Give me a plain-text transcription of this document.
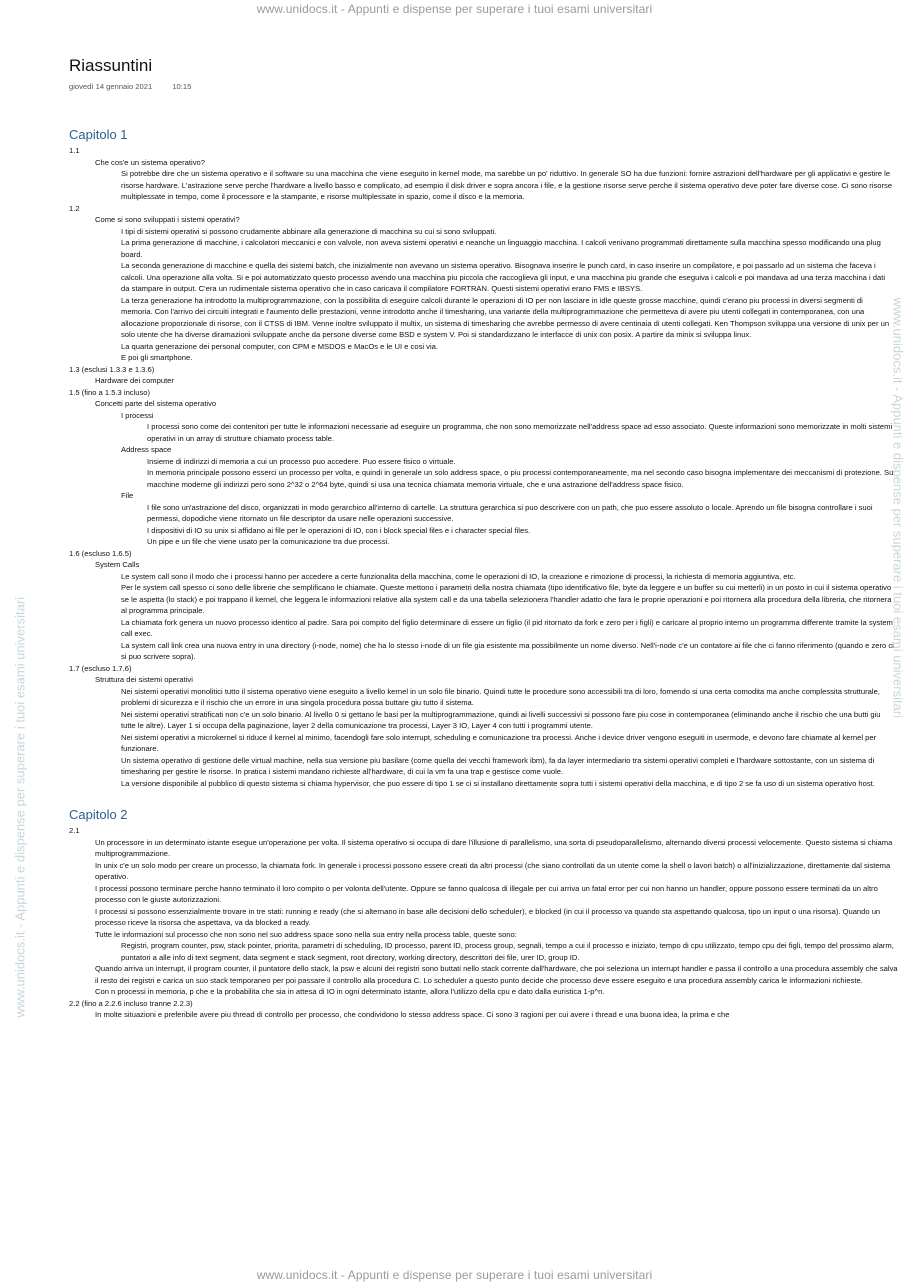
www.unidocs.it - Appunti e dispense per superare i tuoi esami universitari
www.unidocs.it - Appunti e dispense per superare i tuoi esami universitari
www.unidocs.it - Appunti e dispense per superare i tuoi esami universitari
Riassuntini
giovedì 14 gennaio 2021	10:15
Capitolo 1
1.1
Che cos'e un sistema operativo?
Si potrebbe dire che un sistema operativo e il software su una macchina che viene eseguito in kernel mode, ma sarebbe un po' riduttivo. In generale SO ha due funzioni: fornire astrazioni dell'hardware per gli applicativi e gestire le risorse hardware. L'astrazione serve perche l'hardware a livello basso e complicato, ad esempio il disk driver e sopra ancora i file, e la gestione risorse serve perche il sistema operativo deve poter fare diverse cose. Ci sono risorse multiplessate in tempo, come il processore e la stampante, e risorse multiplessate in spazio, come il disco e la memoria.
1.2
Come si sono sviluppati i sistemi operativi?
I tipi di sistemi operativi si possono crudamente abbinare alla generazione di macchina su cui si sono sviluppati.
La prima generazione di macchine, i calcolatori meccanici e con valvole, non aveva sistemi operativi e neanche un linguaggio macchina. I calcoli venivano programmati direttamente sulla macchina spesso modificando una plug board.
La seconda generazione di macchine e quella dei sistemi batch, che inizialmente non avevano un sistema operativo. Bisognava inserire le punch card, in caso inserire un compilatore, e poi passarlo ad un sistema che faceva i calcoli. Una operazione alla volta. Si e poi automatizzato questo processo avendo una macchina piu piccola che raccoglieva gli input, e una macchina piu grande che eseguiva i calcoli e poi mandava ad una terza macchina i dati da stampare in output. C'era un rudimentale sistema operativo che in caso caricava il compilatore FORTRAN. Questi sistemi operativi erano FMS e IBSYS.
La terza generazione ha introdotto la multiprogrammazione, con la possibilita di eseguire calcoli durante le operazioni di IO per non lasciare in idle queste grosse macchine, quindi c'erano piu processi in diversi segmenti di memoria. Con l'arrivo dei circuiti integrati e l'aumento delle prestazioni, venne introdotto anche il timesharing, una variante della multiprogrammazione che permetteva di avere piu utenti collegati in contemporanea, con una allocazione proporzionale di risorse, con il CTSS di IBM. Venne inoltre sviluppato il multix, un sistema di timesharing che avrebbe permesso di avere centinaia di utenti collegati. Ken Thompson sviluppa una versione di unix per un solo utente che ha diverse diramazioni sviluppate anche da persone diverse come BSD e system V. Poi si standardizzano le interfacce di unix con posix. A partire da minix si sviluppa linux.
La quarta generazione dei personal computer, con CPM e MSDOS e MacOs e le UI e cosi via.
E poi gli smartphone.
1.3 (esclusi 1.3.3 e 1.3.6)
Hardware dei computer
1.5 (fino a 1.5.3 incluso)
Concetti parte del sistema operativo
I processi
I processi sono come dei contenitori per tutte le informazioni necessarie ad eseguire un programma, che non sono memorizzate nell'address space ad esso associato. Queste informazioni sono memorizzate in molti sistemi operativi in un array di strutture chiamato process table.
Address space
Insieme di indirizzi di memoria a cui un processo puo accedere. Puo essere fisico o virtuale.
In memoria principale possono esserci un processo per volta, e quindi in generale un solo address space, o piu processi contemporaneamente, ma nel secondo caso bisogna implementare dei meccanismi di protezione. Su macchine moderne gli indirizzi pero sono 2^32 o 2^64 byte, quindi si usa una tecnica chiamata memoria virtuale, che e una astrazione dell'address space fisico.
File
I file sono un'astrazione del disco, organizzati in modo gerarchico all'interno di cartelle. La struttura gerarchica si puo descrivere con un path, che puo essere assoluto o locale. Aprendo un file bisogna controllare i suoi permessi, dopodiche viene ritornato un file descriptor da usare nelle operazioni successive.
I dispositivi di IO su unix si affidano ai file per le operazioni di IO, con i block special files e i character special files.
Un pipe e un file che viene usato per la comunicazione tra due processi.
1.6 (escluso 1.6.5)
System Calls
Le system call sono il modo che i processi hanno per accedere a certe funzionalita della macchina, come le operazioni di IO, la creazione e rimozione di processi, la richiesta di memoria aggiuntiva, etc.
Per le system call spesso ci sono delle librerie che semplificano le chiamate. Queste mettono i parametri della nostra chiamata (tipo identificativo file, byte da leggere e un buffer su cui metterli) in un posto in cui il sistema operativo se le aspetta (lo stack) e poi trappano il kernel, che leggera le informazioni relative alla system call e da una tabella selezionera l'handler adatto che fara le proprie operazioni e poi ritornera alla procedura della libreria, che ritornera al programma principale.
La chiamata fork genera un nuovo processo identico al padre. Sara poi compito del figlio determinare di essere un figlio (il pid ritornato da fork e zero per i figli) e caricare al proprio interno un programma differente tramite la system call exec.
La system call link crea una nuova entry in una directory (i-node, nome) che ha lo stesso i-node di un file gia esistente ma possibilmente un nome diverso. Nell'i-node c'e un contatore ai file che ci fanno riferimento (quando e zero ci si puo scrivere sopra).
1.7 (escluso 1.7.6)
Struttura dei sistemi operativi
Nei sistemi operativi monolitici tutto il sistema operativo viene eseguito a livello kernel in un solo file binario. Quindi tutte le procedure sono accessibili tra di loro, fornendo si una certa comodita ma anche complessita strutturale, problemi di sicurezza e il rischio che un errore in una singola procedura possa buttare giu tutto il sistema.
Nei sistemi operativi stratificati non c'e un solo binario. Al livello 0 si gettano le basi per la multiprogrammazione, quindi ai livelli successivi si possono fare piu cose in contemporanea (eliminando anche il rischio che una butti giu tutte le altre). Layer 1 si occupa della paginazione, layer 2 della comunicazione tra processi, Layer 3 IO, Layer 4 con tutti i programmi utente.
Nei sistemi operativi a microkernel si riduce il kernel al minimo, facendogli fare solo interrupt, scheduling e comunicazione tra processi. Anche i device driver vengono eseguiti in usermode, e devono fare chiamate al kernel per funzionare.
Un sistema operativo di gestione delle virtual machine, nella sua versione piu basilare (come quella dei vecchi framework ibm), fa da layer intermediario tra sistemi operativi completi e l'hardware sottostante, con un sistema di timesharing per gestire le risorse. In pratica i sistemi mandano richieste all'hardware, di cui la vm fa una trap e gestisce come vuole.
La versione disponibile al pubblico di questo sistema si chiama hypervisor, che puo essere di tipo 1 se ci si installano direttamente sopra tutti i sistemi operativi della macchina, e di tipo 2 se fa uso di un sistema operativo host.
Capitolo 2
2.1
Un processore in un determinato istante esegue un'operazione per volta. Il sistema operativo si occupa di dare l'illusione di parallelismo, una sorta di pseudoparallelismo, alternando diversi processi velocemente. Questo sistema si chiama multiprogrammazione.
In unix c'e un solo modo per creare un processo, la chiamata fork. In generale i processi possono essere creati da altri processi (che siano controllati da un utente come la shell o lavori batch) o all'inizializzazione, direttamente dal sistema operativo.
I processi possono terminare perche hanno terminato il loro compito o per volonta dell'utente. Oppure se fanno qualcosa di illegale per cui arriva un fatal error per cui non hanno un handler, oppure possono essere terminati da un altro processo con le giuste autorizzazioni.
I processi si possono essenzialmente trovare in tre stati: running e ready (che si alternano in base alle decisioni dello scheduler), e blocked (in cui il processo va quando sta aspettando qualcosa, tipo un input o una risorsa). Quando un processo riceve la risorsa che aspettava, va da blocked a ready.
Tutte le informazioni sul processo che non sono nel suo address space sono nella sua entry nella process table, queste sono:
Registri, program counter, psw, stack pointer, priorita, parametri di scheduling, ID processo, parent ID, process group, segnali, tempo a cui il processo e iniziato, tempo di cpu utilizzato, tempo cpu dei figli, tempo del prossimo alarm, puntatori a alle info di text segment, data segment e stack segment, root directory, working directory, descrittori dei file, urer ID, group ID.
Quando arriva un interrupt, il program counter, il puntatore dello stack, la psw e alcuni dei registri sono buttati nello stack corrente dall'hardware, che poi seleziona un interrupt handler e passa il controllo a una procedura assembly che salva il resto dei registri e carica un suo stack temporaneo per poi passare il controllo alla procedura C. Lo scheduler a questo punto decide che processo deve essere eseguito e una procedura assembly carica le informazioni richieste.
Con n processi in memoria, p che e la probabilita che sia in attesa di IO in ogni determinato istante, allora l'utilizzo della cpu e dato dalla euristica 1-p^n.
2.2 (fino a 2.2.6 incluso tranne 2.2.3)
In molte situazioni e preferibile avere piu thread di controllo per processo, che condividono lo stesso address space. Ci sono 3 ragioni per cui avere i thread e una buona idea, la prima e che
www.unidocs.it - Appunti e dispense per superare i tuoi esami universitari
